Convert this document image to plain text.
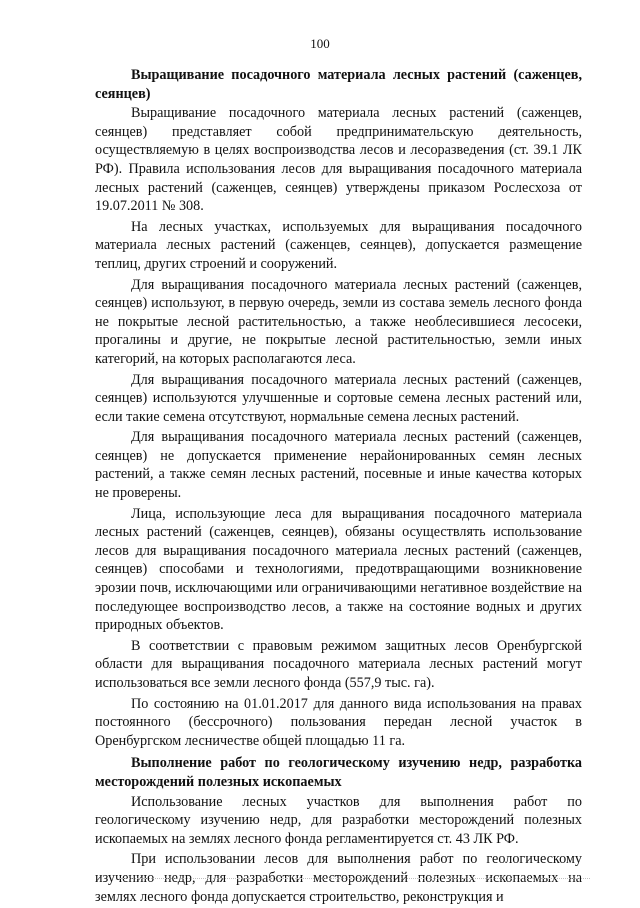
100
Выращивание посадочного материала лесных растений (саженцев, сеянцев)

Выращивание посадочного материала лесных растений (саженцев, сеянцев) представляет собой предпринимательскую деятельность, осуществляемую в целях воспроизводства лесов и лесоразведения (ст. 39.1 ЛК РФ). Правила использования лесов для выращивания посадочного материала лесных растений (саженцев, сеянцев) утверждены приказом Рослесхоза от 19.07.2011 № 308.

На лесных участках, используемых для выращивания посадочного материала лесных растений (саженцев, сеянцев), допускается размещение теплиц, других строений и сооружений.

Для выращивания посадочного материала лесных растений (саженцев, сеянцев) используют, в первую очередь, земли из состава земель лесного фонда не покрытые лесной растительностью, а также необлесившиеся лесосеки, прогалины и другие, не покрытые лесной растительностью, земли иных категорий, на которых располагаются леса.

Для выращивания посадочного материала лесных растений (саженцев, сеянцев) используются улучшенные и сортовые семена лесных растений или, если такие семена отсутствуют, нормальные семена лесных растений.

Для выращивания посадочного материала лесных растений (саженцев, сеянцев) не допускается применение нерайонированных семян лесных растений, а также семян лесных растений, посевные и иные качества которых не проверены.

Лица, использующие леса для выращивания посадочного материала лесных растений (саженцев, сеянцев), обязаны осуществлять использование лесов для выращивания посадочного материала лесных растений (саженцев, сеянцев) способами и технологиями, предотвращающими возникновение эрозии почв, исключающими или ограничивающими негативное воздействие на последующее воспроизводство лесов, а также на состояние водных и других природных объектов.

В соответствии с правовым режимом защитных лесов Оренбургской области для выращивания посадочного материала лесных растений могут использоваться все земли лесного фонда (557,9 тыс. га).

По состоянию на 01.01.2017 для данного вида использования на правах постоянного (бессрочного) пользования передан лесной участок в Оренбургском лесничестве общей площадью 11 га.

Выполнение работ по геологическому изучению недр, разработка месторождений полезных ископаемых

Использование лесных участков для выполнения работ по геологическому изучению недр, для разработки месторождений полезных ископаемых на землях лесного фонда регламентируется ст. 43 ЛК РФ.

При использовании лесов для выполнения работ по геологическому изучению недр, для разработки месторождений полезных ископаемых на землях лесного фонда допускается строительство, реконструкция и
